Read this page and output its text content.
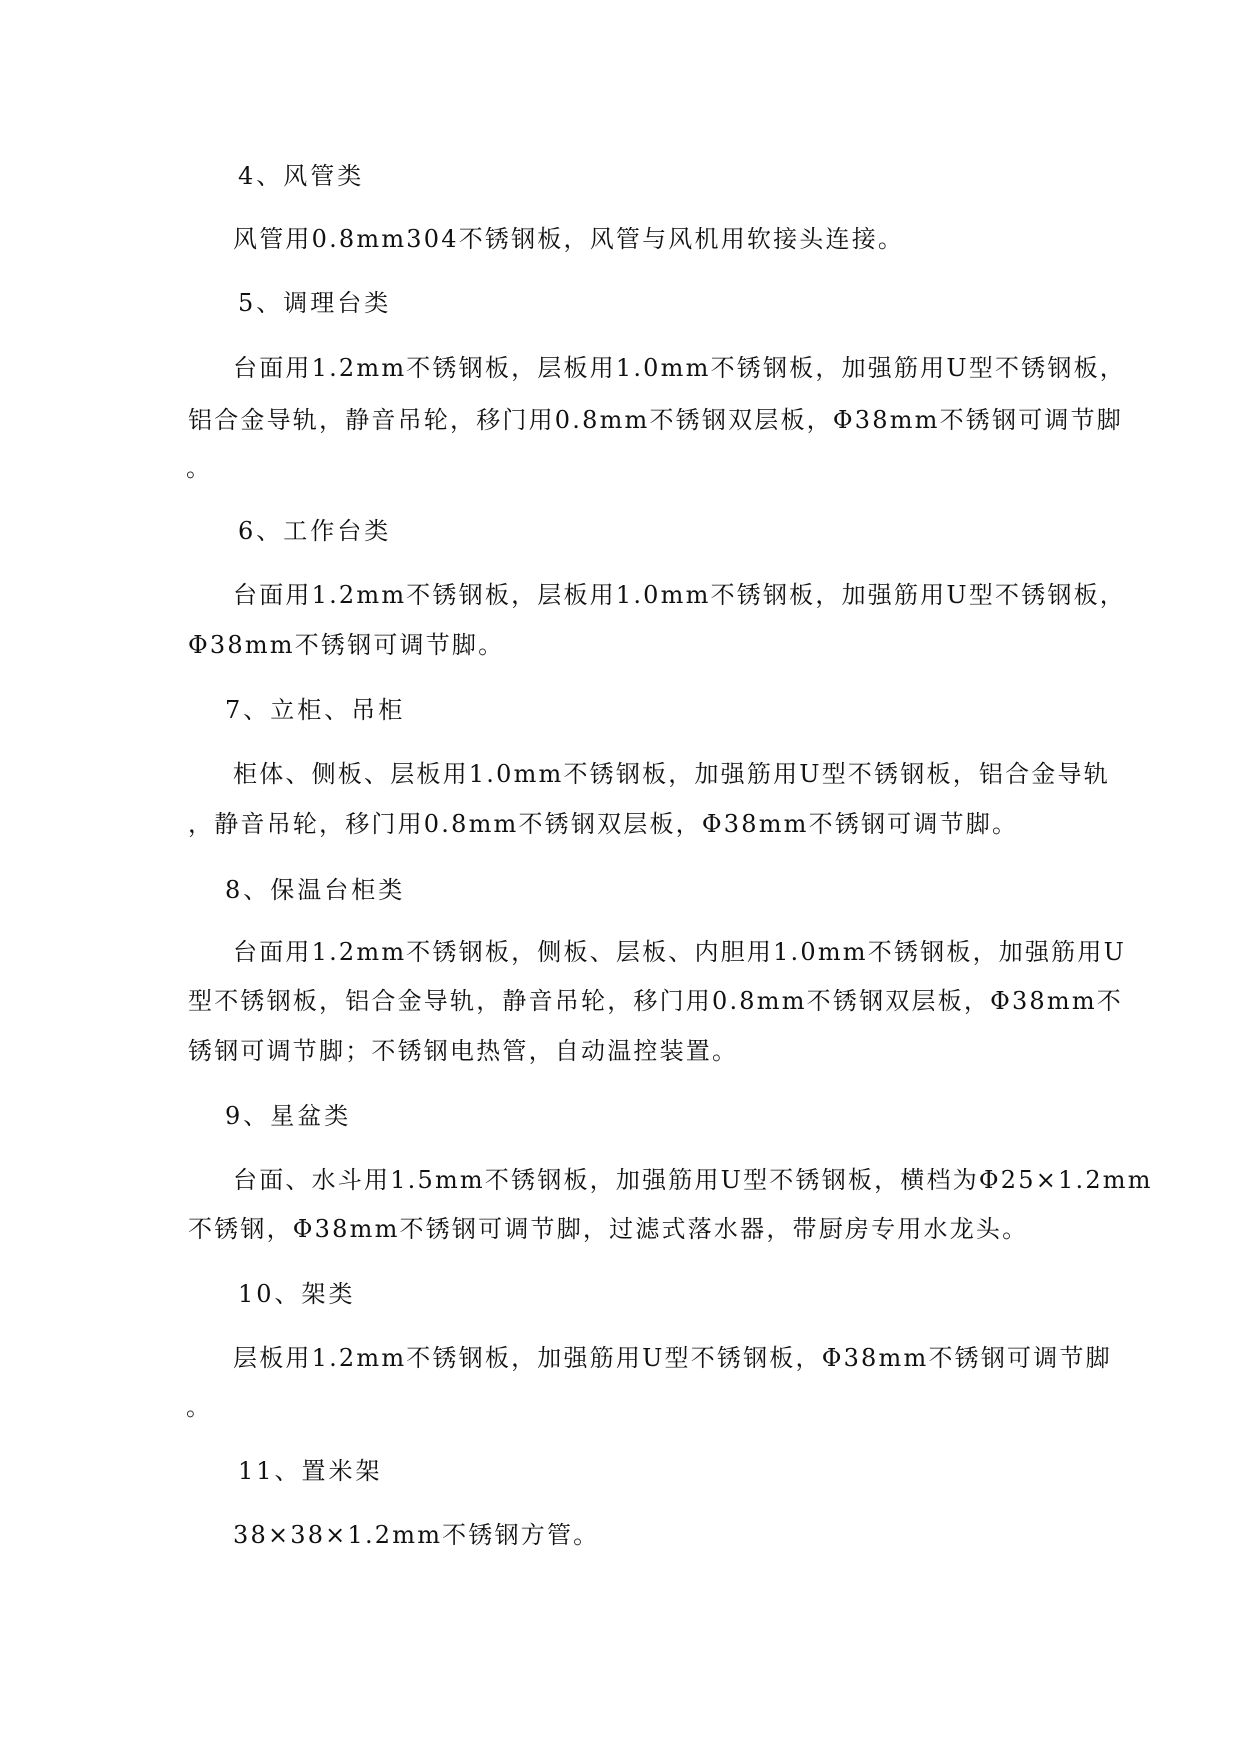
4、风管类
风管用0.8mm304不锈钢板，风管与风机用软接头连接。
5、调理台类
台面用1.2mm不锈钢板，层板用1.0mm不锈钢板，加强筋用U型不锈钢板，
铝合金导轨，静音吊轮，移门用0.8mm不锈钢双层板，Φ38mm不锈钢可调节脚
。
6、工作台类
台面用1.2mm不锈钢板，层板用1.0mm不锈钢板，加强筋用U型不锈钢板，
Φ38mm不锈钢可调节脚。
7、立柜、吊柜
柜体、侧板、层板用1.0mm不锈钢板，加强筋用U型不锈钢板，铝合金导轨
，静音吊轮，移门用0.8mm不锈钢双层板，Φ38mm不锈钢可调节脚。
8、保温台柜类
台面用1.2mm不锈钢板，侧板、层板、内胆用1.0mm不锈钢板，加强筋用U
型不锈钢板，铝合金导轨，静音吊轮，移门用0.8mm不锈钢双层板，Φ38mm不
锈钢可调节脚；不锈钢电热管，自动温控装置。
9、星盆类
台面、水斗用1.5mm不锈钢板，加强筋用U型不锈钢板，横档为Φ25×1.2mm
不锈钢，Φ38mm不锈钢可调节脚，过滤式落水器，带厨房专用水龙头。
10、架类
层板用1.2mm不锈钢板，加强筋用U型不锈钢板，Φ38mm不锈钢可调节脚
。
11、置米架
38×38×1.2mm不锈钢方管。
